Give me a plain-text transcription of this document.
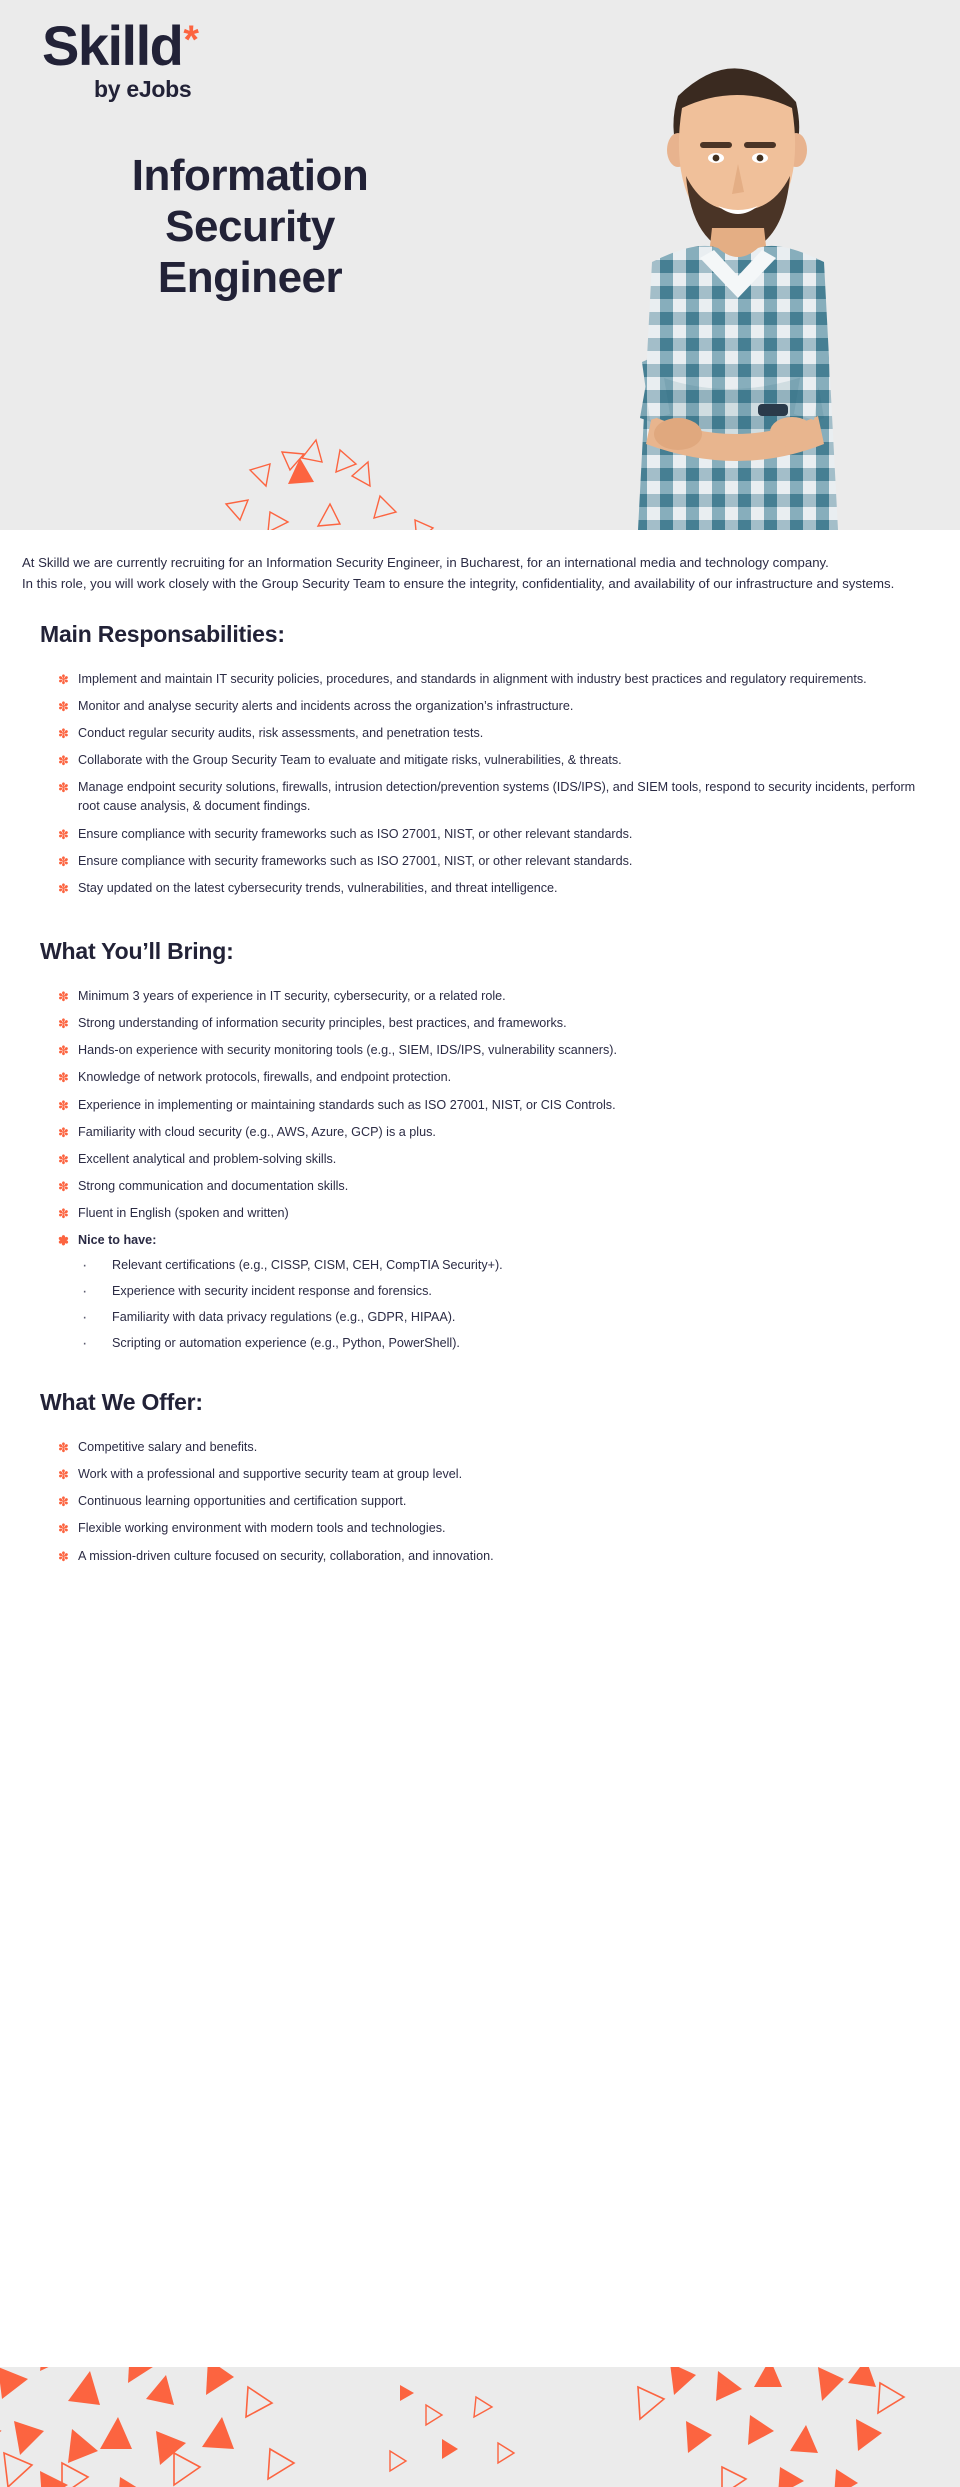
Skilld *
by eJobs
Information
Security
Engineer

At Skilld we are currently recruiting for an Information Security Engineer, in Bucharest, for an international media and technology company.

In this role, you will work closely with the Group Security Team to ensure the integrity, confidentiality, and availability of our infrastructure and systems.

Main Responsabilities:
✽ Implement and maintain IT security policies, procedures, and standards in alignment with industry best practices and regulatory requirements.
✽ Monitor and analyse security alerts and incidents across the organization’s infrastructure.
✽ Conduct regular security audits, risk assessments, and penetration tests.
✽ Collaborate with the Group Security Team to evaluate and mitigate risks, vulnerabilities, & threats.
✽ Manage endpoint security solutions, firewalls, intrusion detection/prevention systems (IDS/IPS), and SIEM tools, respond to security incidents, perform root cause analysis, & document findings.
✽ Ensure compliance with security frameworks such as ISO 27001, NIST, or other relevant standards.
✽ Ensure compliance with security frameworks such as ISO 27001, NIST, or other relevant standards.
✽ Stay updated on the latest cybersecurity trends, vulnerabilities, and threat intelligence.
What You’ll Bring:
✽ Minimum 3 years of experience in IT security, cybersecurity, or a related role.
✽ Strong understanding of information security principles, best practices, and frameworks.
✽ Hands-on experience with security monitoring tools (e.g., SIEM, IDS/IPS, vulnerability scanners).
✽ Knowledge of network protocols, firewalls, and endpoint protection.
✽ Experience in implementing or maintaining standards such as ISO 27001, NIST, or CIS Controls.
✽ Familiarity with cloud security (e.g., AWS, Azure, GCP) is a plus.
✽ Excellent analytical and problem-solving skills.
✽ Strong communication and documentation skills.
✽ Fluent in English (spoken and written)
✽ Nice to have:
· Relevant certifications (e.g., CISSP, CISM, CEH, CompTIA Security+).
· Experience with security incident response and forensics.
· Familiarity with data privacy regulations (e.g., GDPR, HIPAA).
· Scripting or automation experience (e.g., Python, PowerShell).
What We Offer:
✽ Competitive salary and benefits.
✽ Work with a professional and supportive security team at group level.
✽ Continuous learning opportunities and certification support.
✽ Flexible working environment with modern tools and technologies.
✽ A mission-driven culture focused on security, collaboration, and innovation.
